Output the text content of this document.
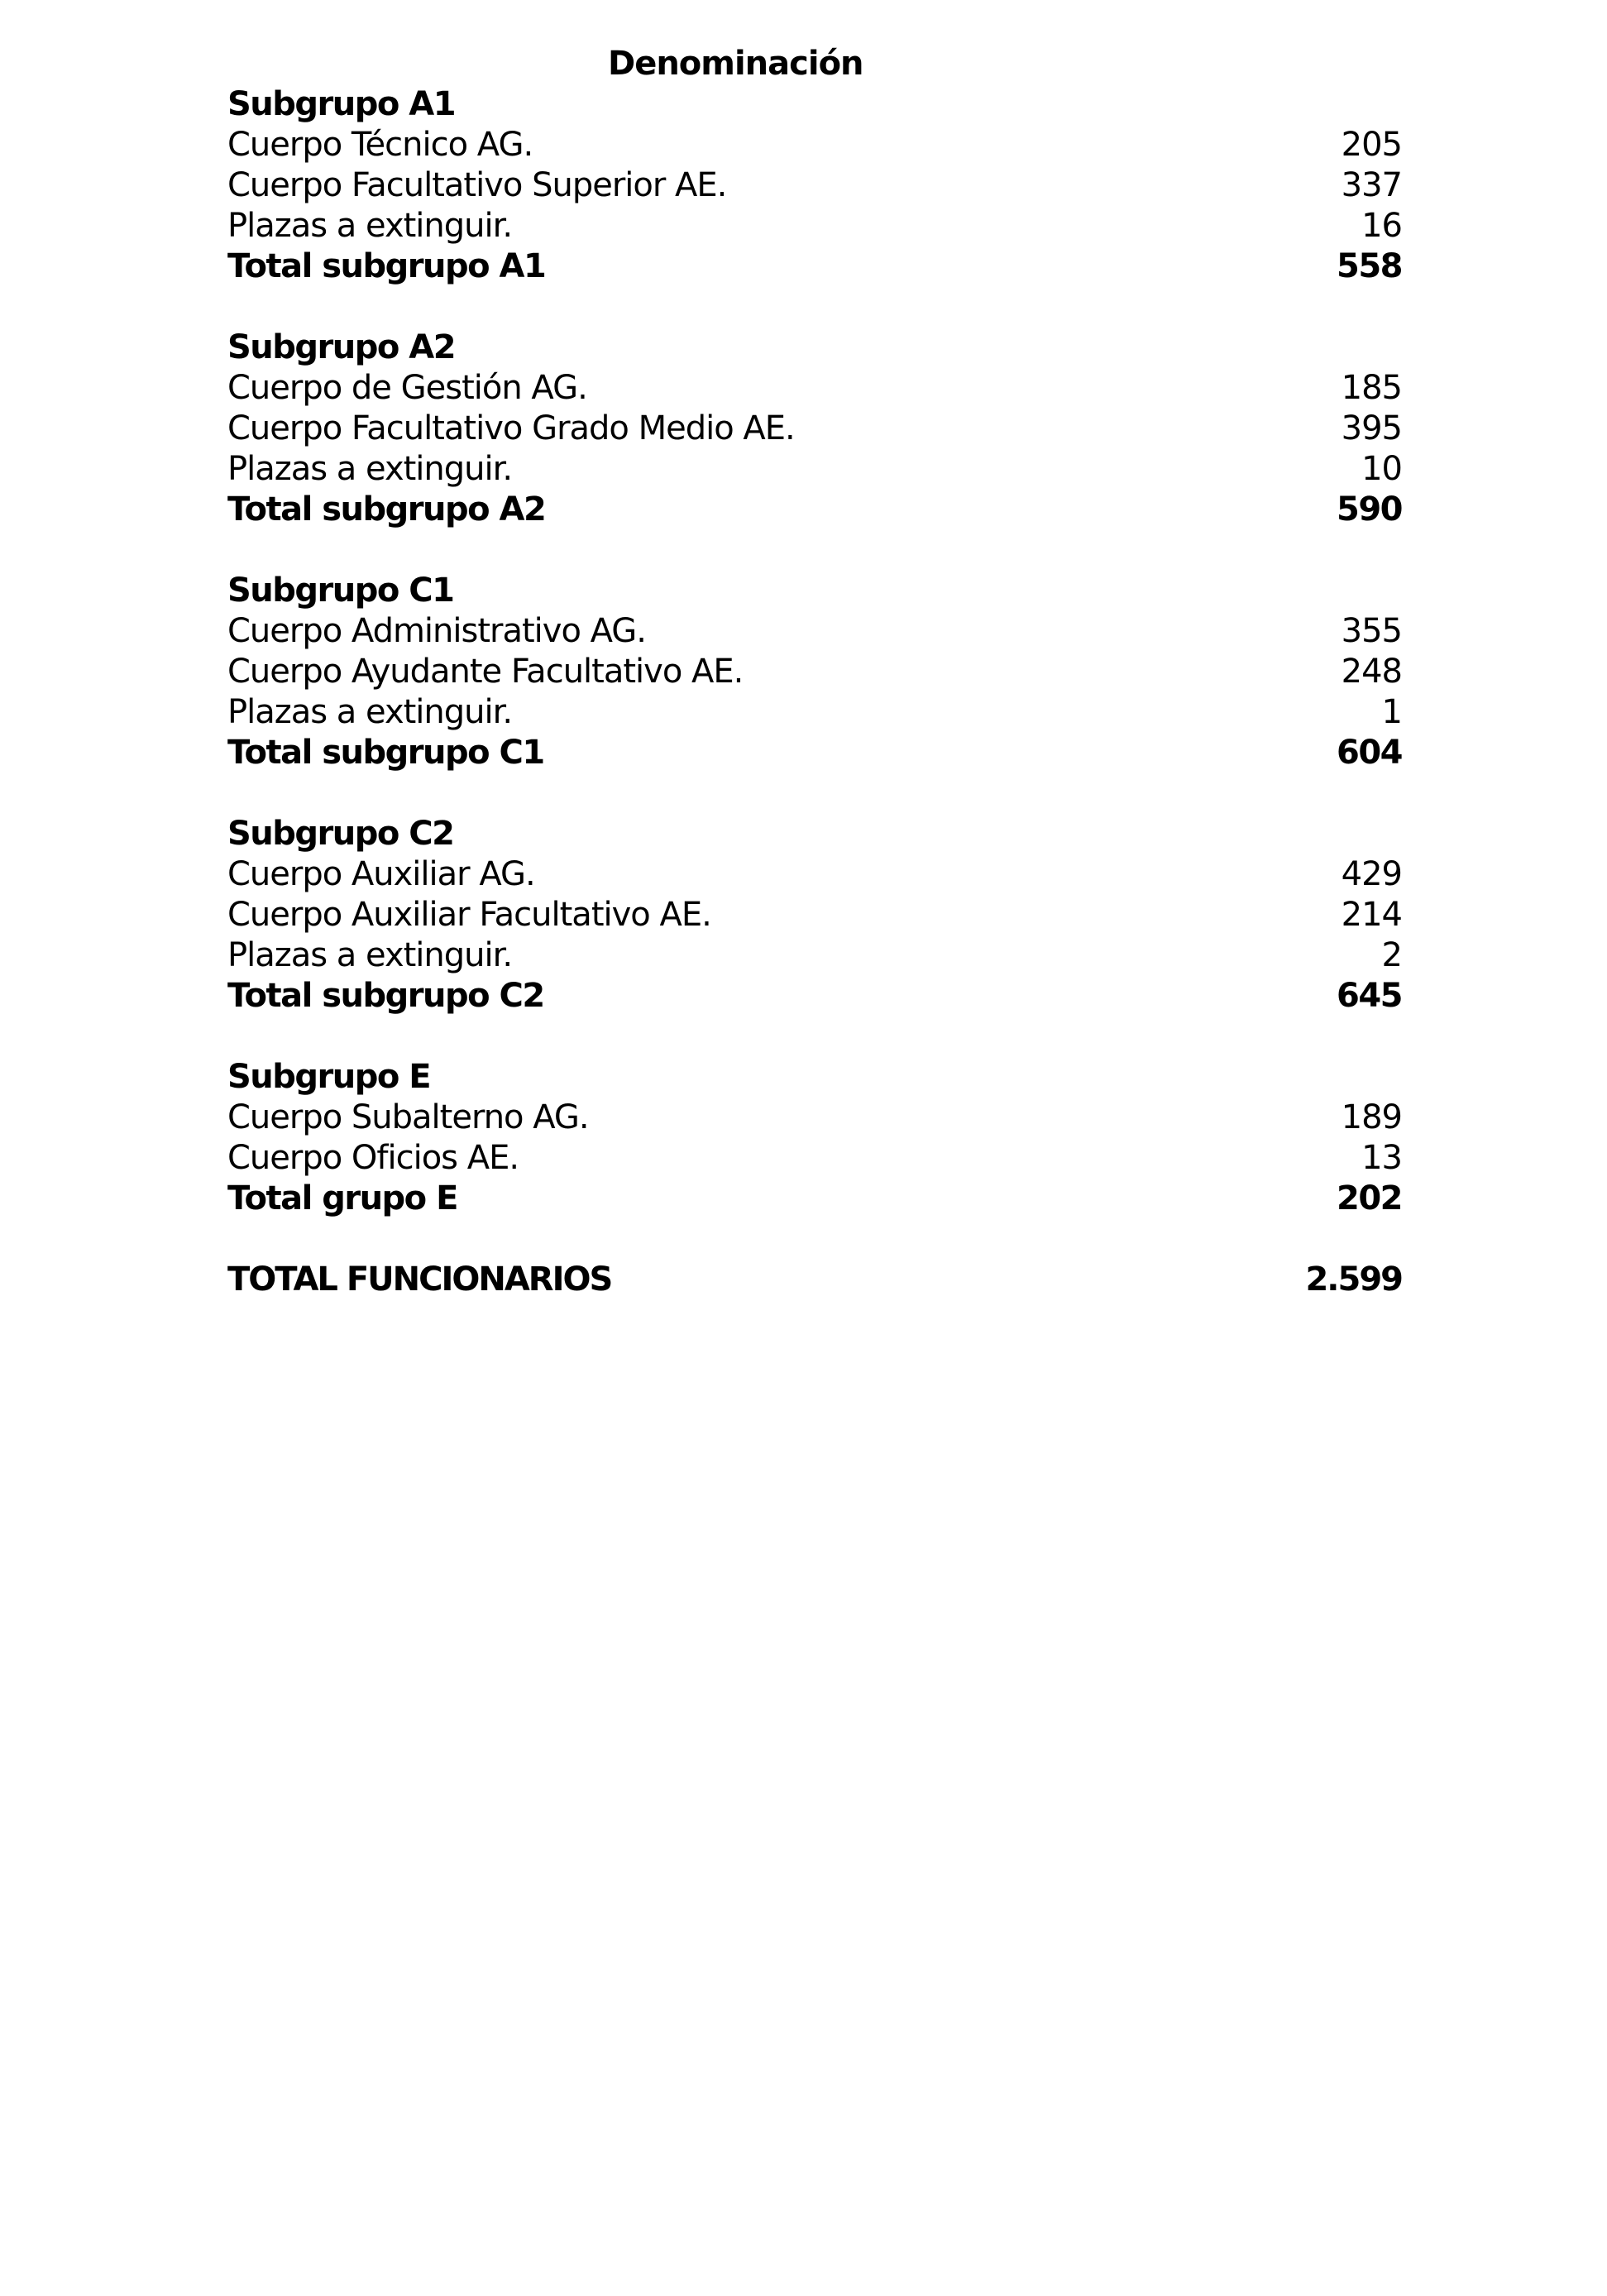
Denominación
Subgrupo A1
Cuerpo Técnico AG.	205
Cuerpo Facultativo Superior AE.	337
Plazas a extinguir.	16
Total subgrupo A1	558
Subgrupo A2
Cuerpo de Gestión AG.	185
Cuerpo Facultativo Grado Medio AE.	395
Plazas a extinguir.	10
Total subgrupo A2	590
Subgrupo C1
Cuerpo Administrativo AG.	355
Cuerpo Ayudante Facultativo AE.	248
Plazas a extinguir.	1
Total subgrupo C1	604
Subgrupo C2
Cuerpo Auxiliar AG.	429
Cuerpo Auxiliar Facultativo AE.	214
Plazas a extinguir.	2
Total subgrupo C2	645
Subgrupo E
Cuerpo Subalterno AG.	189
Cuerpo Oficios AE.	13
Total grupo E	202
TOTAL FUNCIONARIOS	2.599
